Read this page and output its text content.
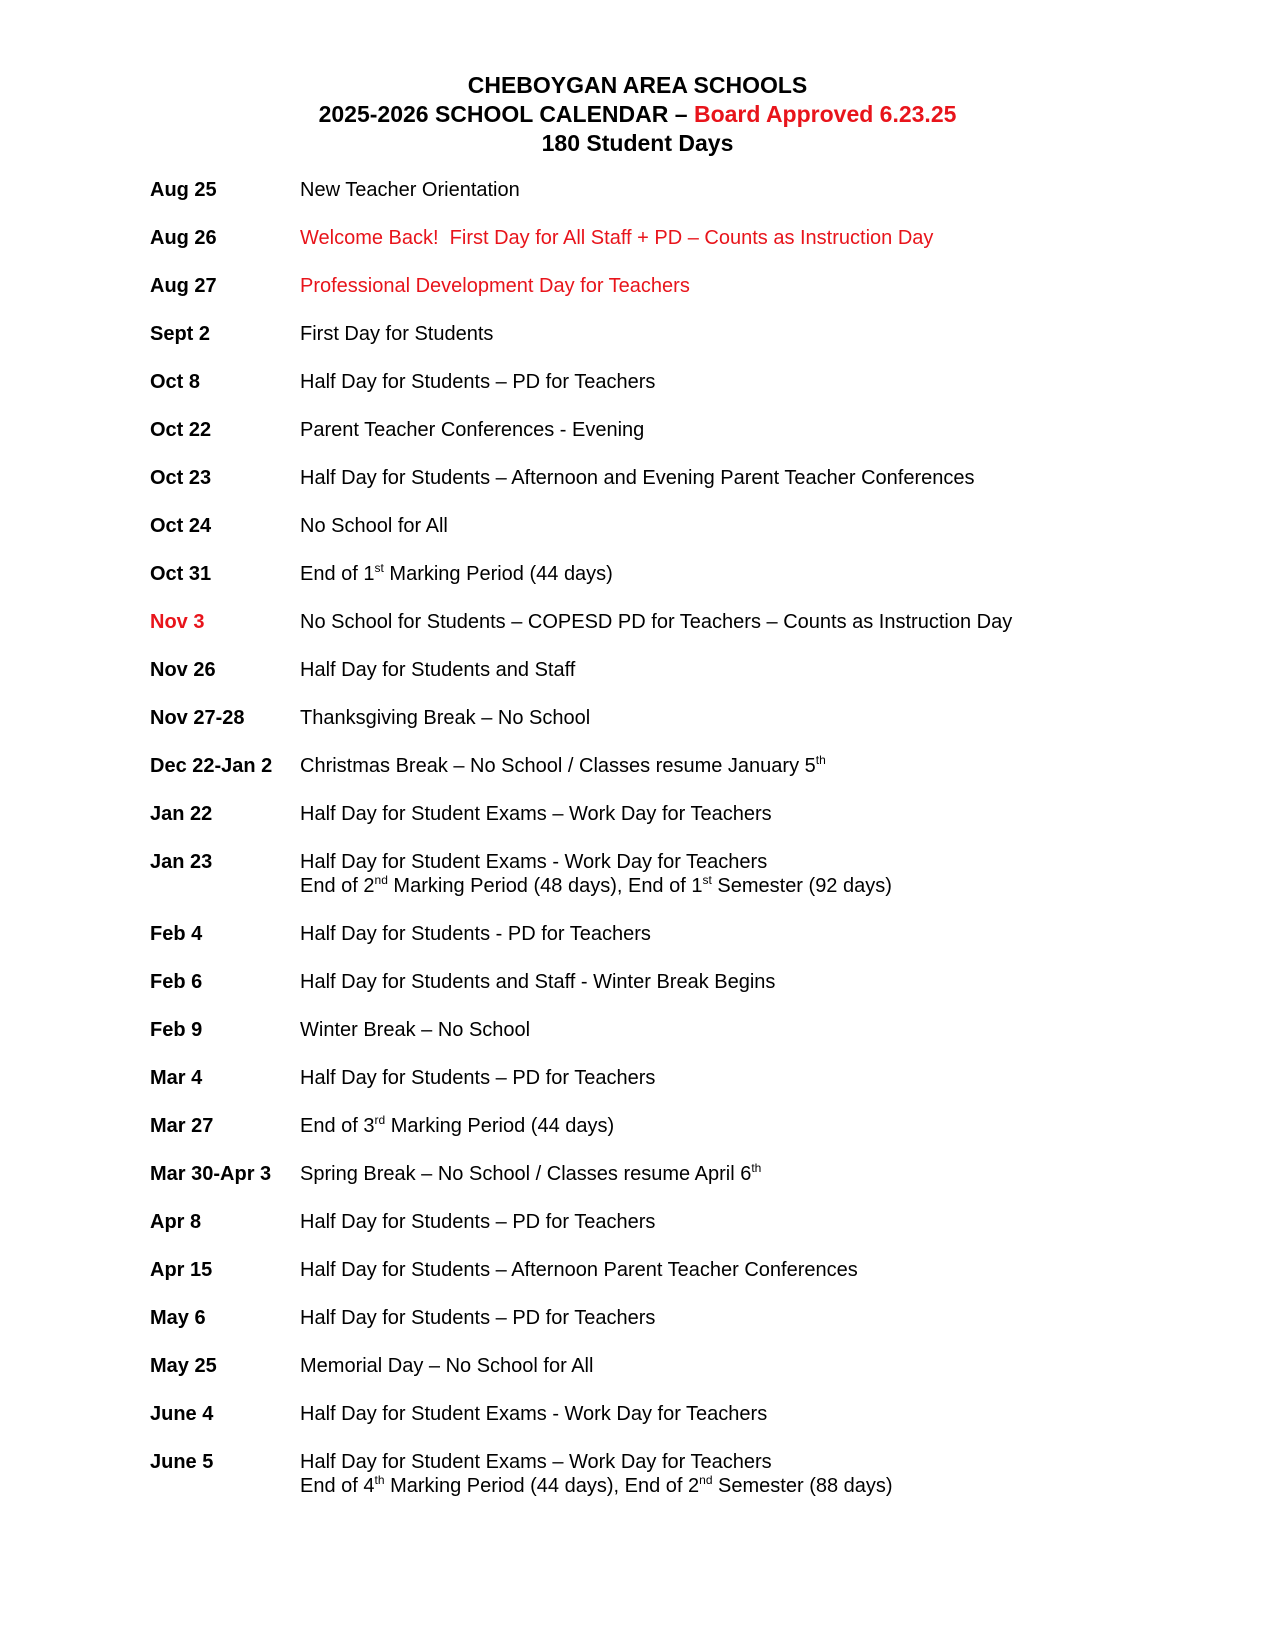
CHEBOYGAN AREA SCHOOLS
2025-2026 SCHOOL CALENDAR – Board Approved 6.23.25
180 Student Days
Aug 25	New Teacher Orientation
Aug 26	Welcome Back!  First Day for All Staff + PD – Counts as Instruction Day
Aug 27	Professional Development Day for Teachers
Sept 2	First Day for Students
Oct 8	Half Day for Students – PD for Teachers
Oct 22	Parent Teacher Conferences - Evening
Oct 23	Half Day for Students – Afternoon and Evening Parent Teacher Conferences
Oct 24	No School for All
Oct 31	End of 1st Marking Period (44 days)
Nov 3	No School for Students – COPESD PD for Teachers – Counts as Instruction Day
Nov 26	Half Day for Students and Staff
Nov 27-28	Thanksgiving Break – No School
Dec 22-Jan 2 Christmas Break – No School / Classes resume January 5th
Jan 22	Half Day for Student Exams – Work Day for Teachers
Jan 23	Half Day for Student Exams - Work Day for Teachers
End of 2nd Marking Period (48 days), End of 1st Semester (92 days)
Feb 4	Half Day for Students - PD for Teachers
Feb 6	Half Day for Students and Staff - Winter Break Begins
Feb 9	Winter Break – No School
Mar 4	Half Day for Students – PD for Teachers
Mar 27	End of 3rd Marking Period (44 days)
Mar 30-Apr 3 Spring Break – No School / Classes resume April 6th
Apr 8	Half Day for Students – PD for Teachers
Apr 15	Half Day for Students – Afternoon Parent Teacher Conferences
May 6	Half Day for Students – PD for Teachers
May 25	Memorial Day – No School for All
June 4	Half Day for Student Exams - Work Day for Teachers
June 5	Half Day for Student Exams – Work Day for Teachers
End of 4th Marking Period (44 days), End of 2nd Semester (88 days)
